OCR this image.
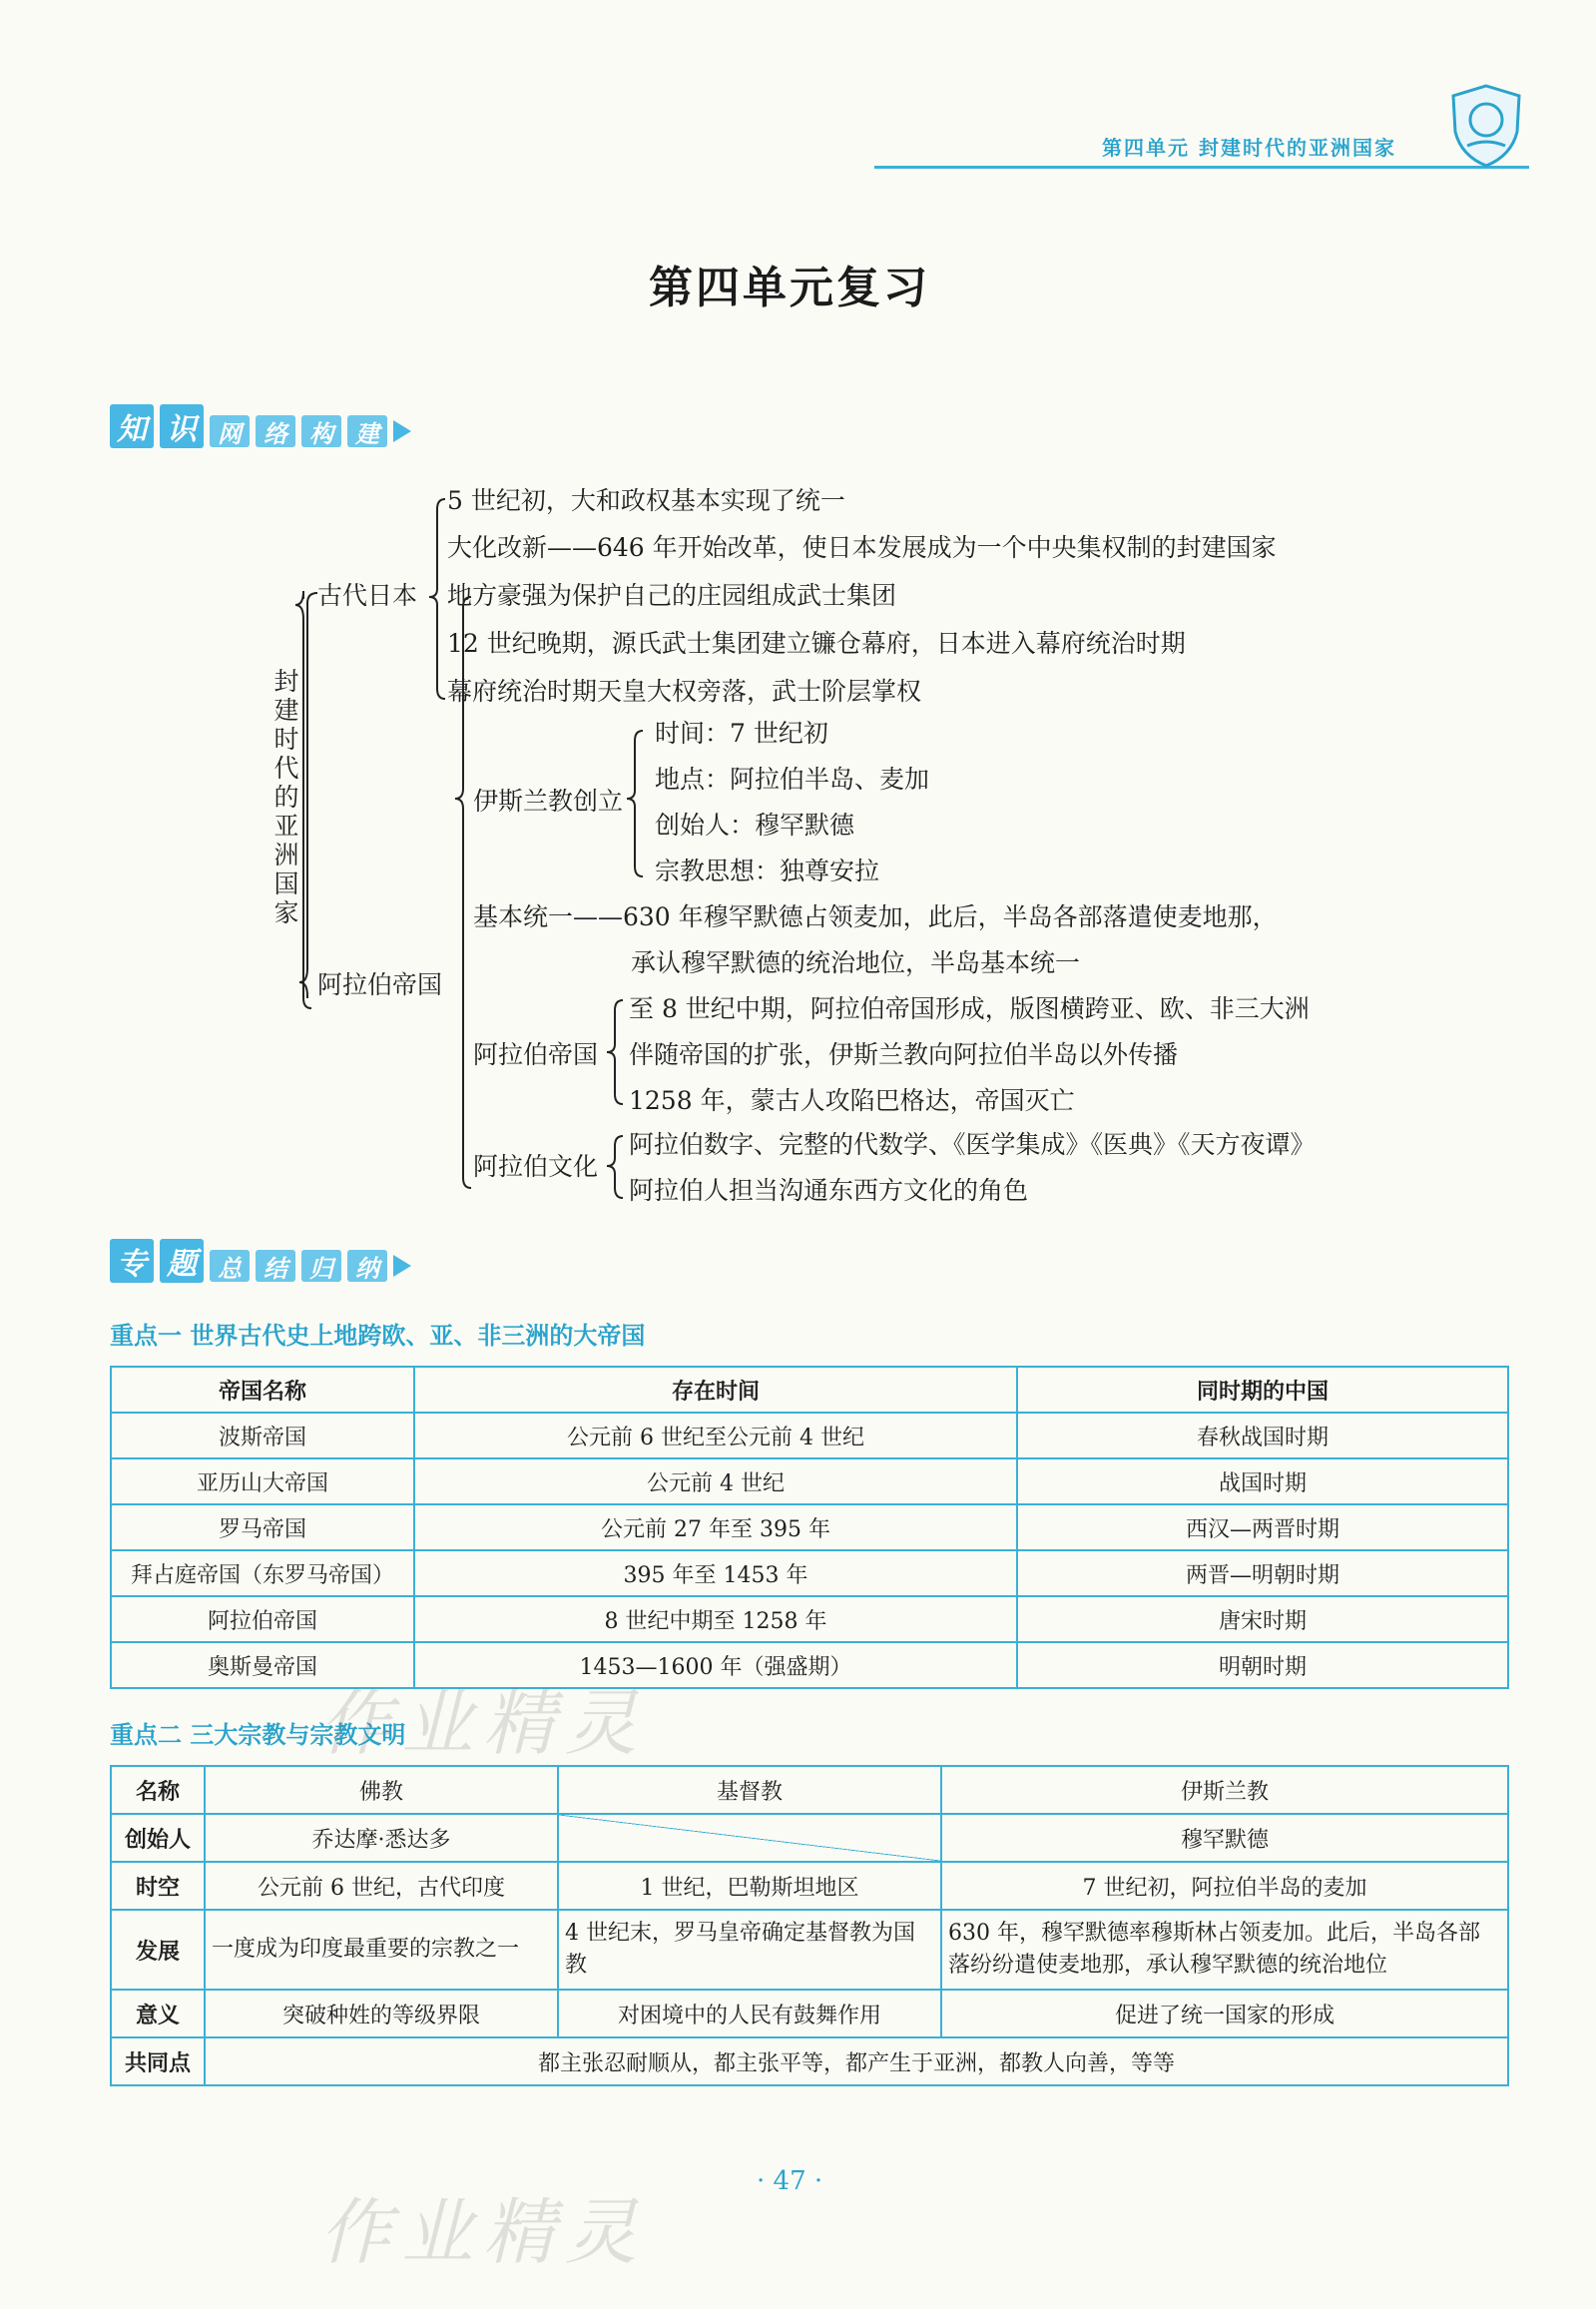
第四单元 封建时代的亚洲国家
第四单元复习
知 识 网 络 构 建
封建时代的亚洲国家
古代日本
5 世纪初，大和政权基本实现了统一
大化改新——646 年开始改革，使日本发展成为一个中央集权制的封建国家
地方豪强为保护自己的庄园组成武士集团
12 世纪晚期，源氏武士集团建立镰仓幕府，日本进入幕府统治时期
幕府统治时期天皇大权旁落，武士阶层掌权
阿拉伯帝国
伊斯兰教创立
时间：7 世纪初
地点：阿拉伯半岛、麦加
创始人：穆罕默德
宗教思想：独尊安拉
基本统一——630 年穆罕默德占领麦加，此后，半岛各部落遣使麦地那，
承认穆罕默德的统治地位，半岛基本统一
阿拉伯帝国
至 8 世纪中期，阿拉伯帝国形成，版图横跨亚、欧、非三大洲
伴随帝国的扩张，伊斯兰教向阿拉伯半岛以外传播
1258 年，蒙古人攻陷巴格达，帝国灭亡
阿拉伯文化
阿拉伯数字、完整的代数学、《医学集成》《医典》《天方夜谭》
阿拉伯人担当沟通东西方文化的角色
专 题 总 结 归 纳
重点一 世界古代史上地跨欧、亚、非三洲的大帝国
帝国名称	存在时间	同时期的中国
波斯帝国	公元前 6 世纪至公元前 4 世纪	春秋战国时期
亚历山大帝国	公元前 4 世纪	战国时期
罗马帝国	公元前 27 年至 395 年	西汉—两晋时期
拜占庭帝国（东罗马帝国）	395 年至 1453 年	两晋—明朝时期
阿拉伯帝国	8 世纪中期至 1258 年	唐宋时期
奥斯曼帝国	1453—1600 年（强盛期）	明朝时期
重点二 三大宗教与宗教文明
名称	佛教	基督教	伊斯兰教
创始人	乔达摩·悉达多		穆罕默德
时空	公元前 6 世纪，古代印度	1 世纪，巴勒斯坦地区	7 世纪初，阿拉伯半岛的麦加
发展	一度成为印度最重要的宗教之一	4 世纪末，罗马皇帝确定基督教为国教	630 年，穆罕默德率穆斯林占领麦加。此后，半岛各部落纷纷遣使麦地那，承认穆罕默德的统治地位
意义	突破种姓的等级界限	对困境中的人民有鼓舞作用	促进了统一国家的形成
共同点	都主张忍耐顺从，都主张平等，都产生于亚洲，都教人向善，等等		
作业精灵
作业精灵
· 47 ·
